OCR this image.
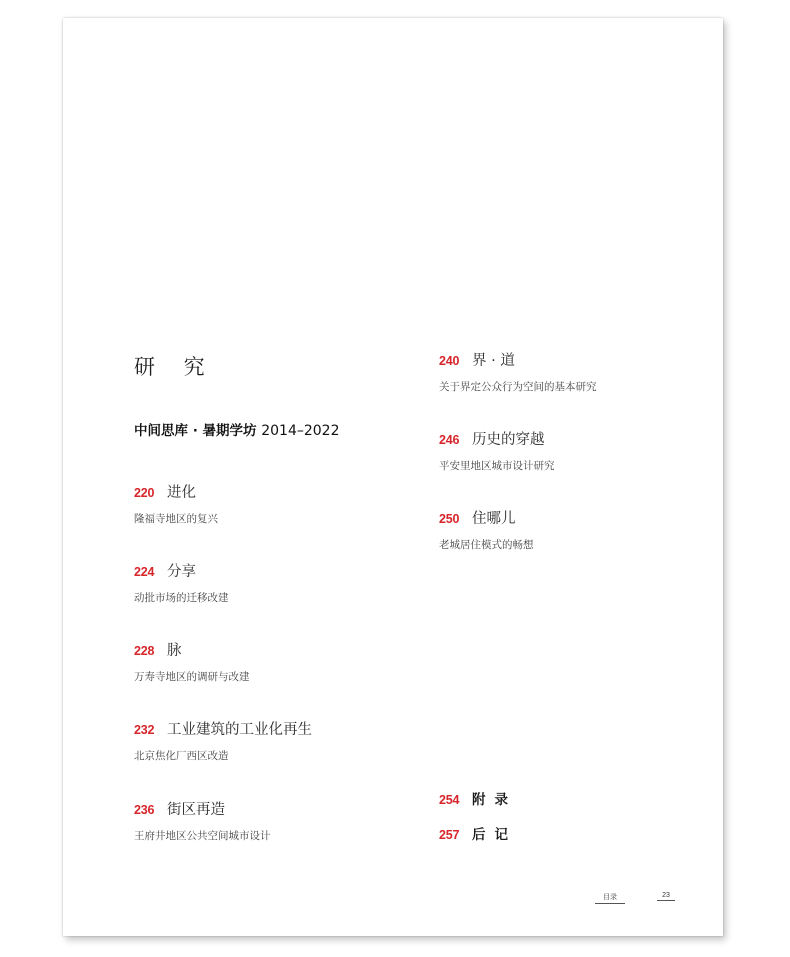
研 究
中间思库 · 暑期学坊 2014–2022
220 进化
隆福寺地区的复兴
224 分享
动批市场的迁移改建
228 脉
万寿寺地区的调研与改建
232 工业建筑的工业化再生
北京焦化厂西区改造
236 街区再造
王府井地区公共空间城市设计
240 界 · 道
关于界定公众行为空间的基本研究
246 历史的穿越
平安里地区城市设计研究
250 住哪儿
老城居住模式的畅想
254 附录
257 后记
目录	23
